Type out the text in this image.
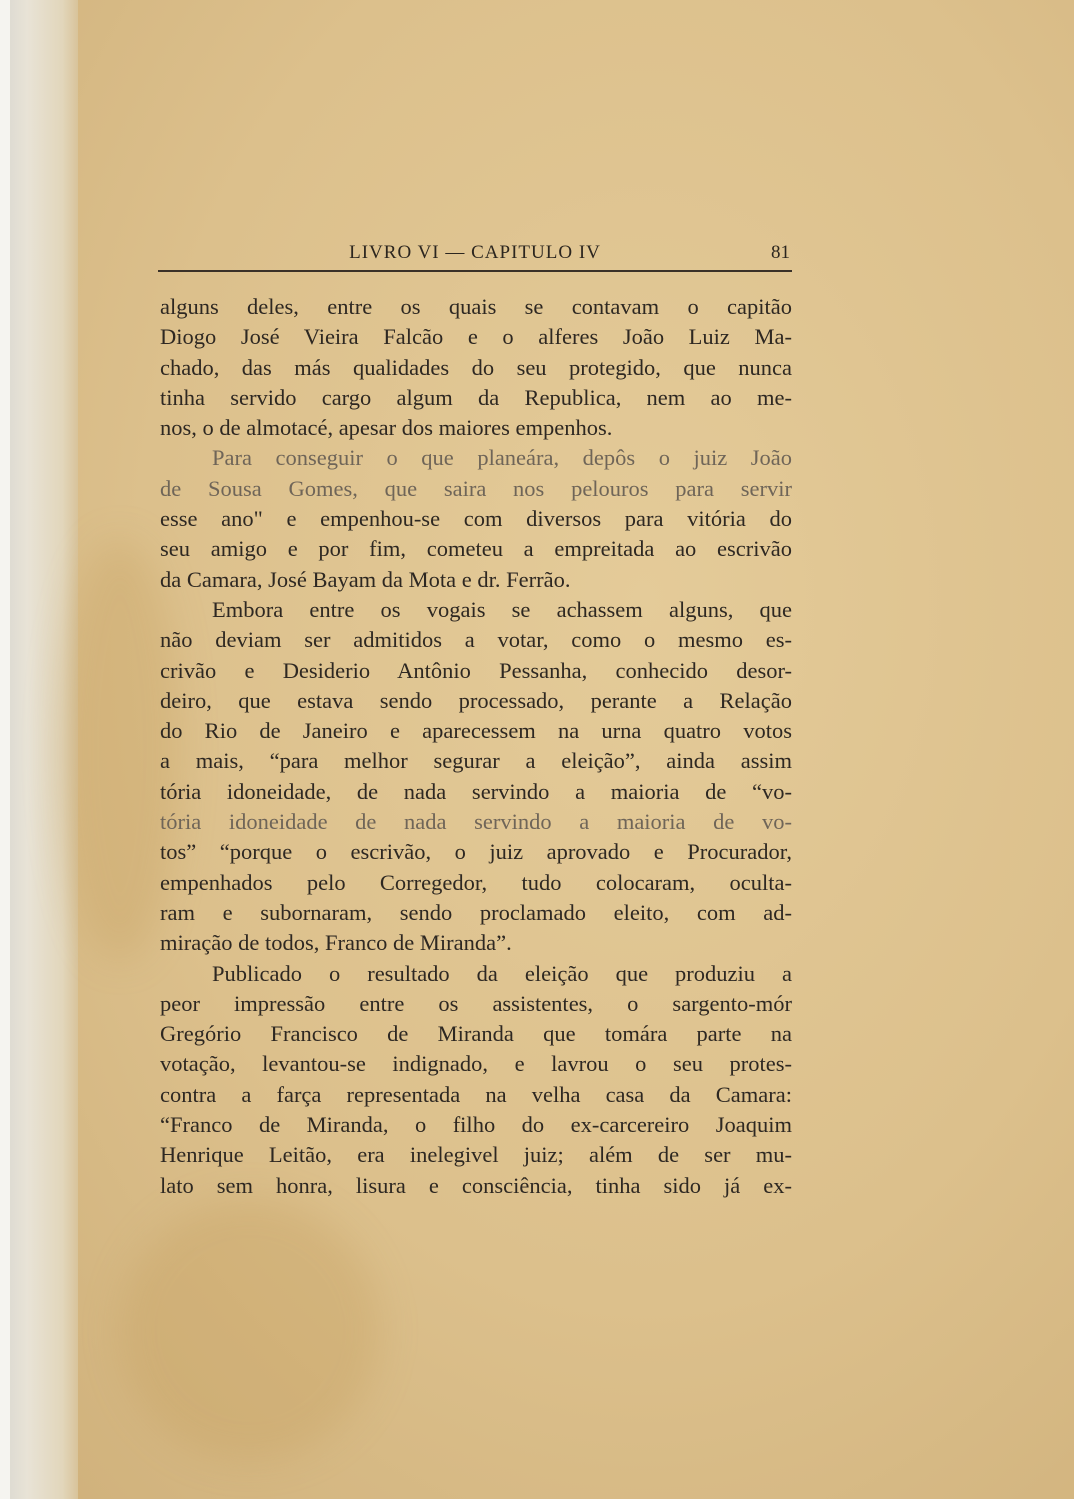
LIVRO VI — CAPITULO IV	81
alguns deles, entre os quais se contavam o capitão
Diogo José Vieira Falcão e o alferes João Luiz Ma-
chado, das más qualidades do seu protegido, que nunca
tinha servido cargo algum da Republica, nem ao me-
nos, o de almotacé, apesar dos maiores empenhos.
Para conseguir o que planeára, depôs o juiz João
de Sousa Gomes, que saira nos pelouros para servir
esse ano" e empenhou-se com diversos para vitória do
seu amigo e por fim, cometeu a empreitada ao escrivão
da Camara, José Bayam da Mota e dr. Ferrão.
Embora entre os vogais se achassem alguns, que
não deviam ser admitidos a votar, como o mesmo es-
crivão e Desiderio Antônio Pessanha, conhecido desor-
deiro, que estava sendo processado, perante a Relação
do Rio de Janeiro e aparecessem na urna quatro votos
a mais, “para melhor segurar a eleição”, ainda assim
tória idoneidade, de nada servindo a maioria de “vo-
tória idoneidade de nada servindo a maioria de vo-
tos” “porque o escrivão, o juiz aprovado e Procurador,
empenhados pelo Corregedor, tudo colocaram, oculta-
ram e subornaram, sendo proclamado eleito, com ad-
miração de todos, Franco de Miranda”.
Publicado o resultado da eleição que produziu a
peor impressão entre os assistentes, o sargento-mór
Gregório Francisco de Miranda que tomára parte na
votação, levantou-se indignado, e lavrou o seu protes-
contra a farça representada na velha casa da Camara:
“Franco de Miranda, o filho do ex-carcereiro Joaquim
Henrique Leitão, era inelegivel juiz; além de ser mu-
lato sem honra, lisura e consciência, tinha sido já ex-
